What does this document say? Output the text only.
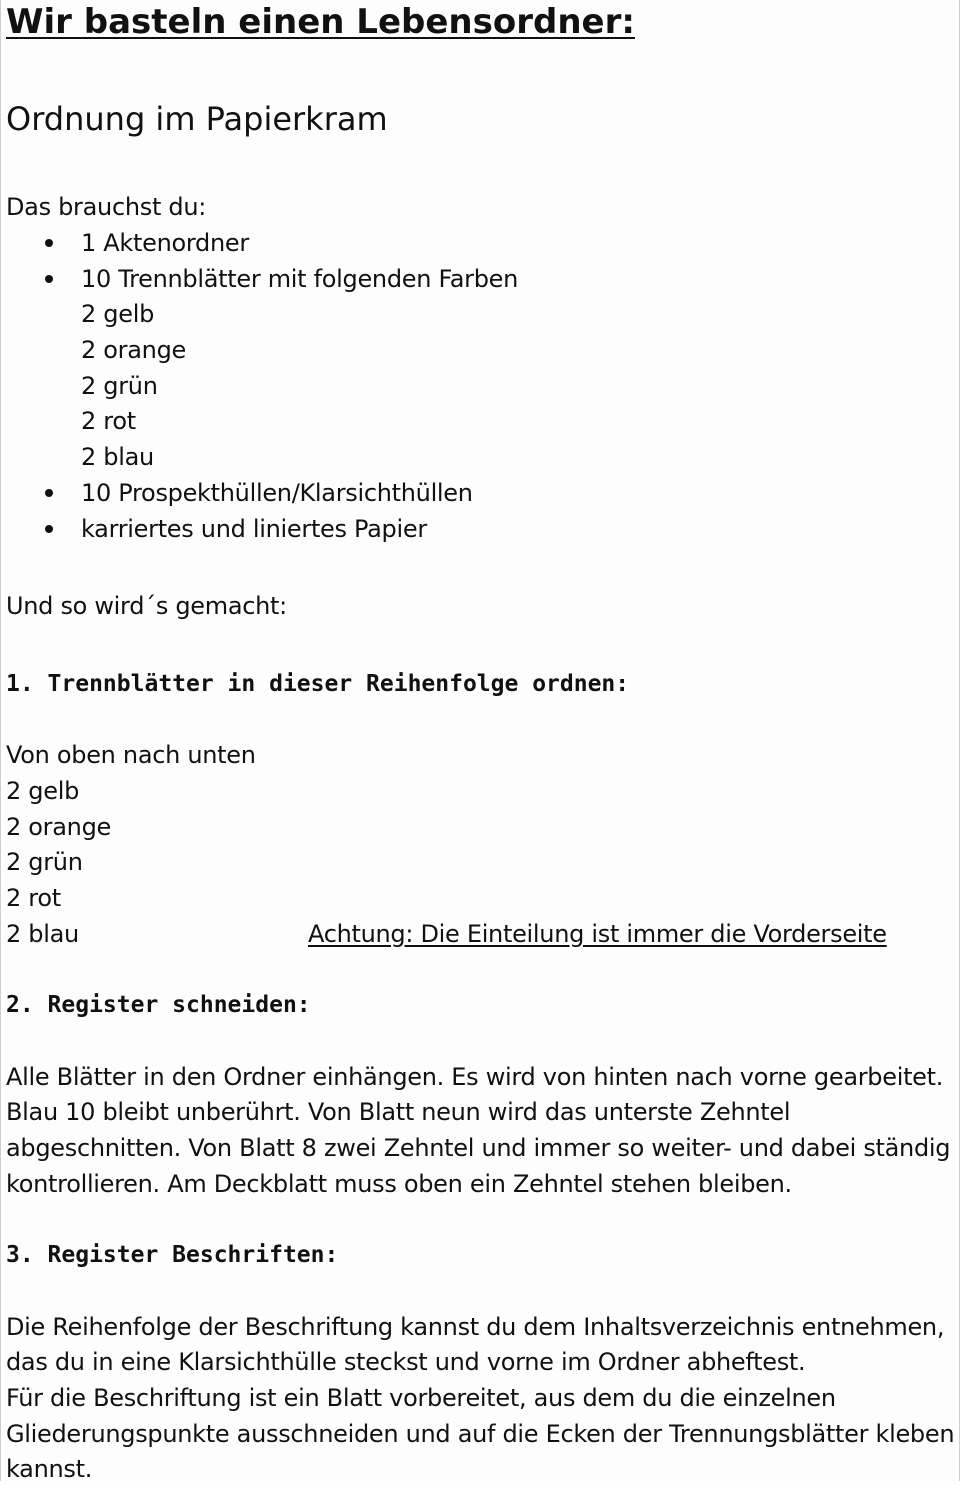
Wir basteln einen Lebensordner:
Ordnung im Papierkram
Das brauchst du:
1 Aktenordner
10 Trennblätter mit folgenden Farben
2 gelb
2 orange
2 grün
2 rot
2 blau
10 Prospekthüllen/Klarsichthüllen
karriertes und liniertes Papier
Und so wird´s gemacht:
1. Trennblätter in dieser Reihenfolge ordnen:
Von oben nach unten
2 gelb
2 orange
2 grün
2 rot
2 blau	Achtung: Die Einteilung ist immer die Vorderseite
2. Register schneiden:
Alle Blätter in den Ordner einhängen. Es wird von hinten nach vorne gearbeitet.
Blau 10 bleibt unberührt. Von Blatt neun wird das unterste Zehntel
abgeschnitten. Von Blatt 8 zwei Zehntel und immer so weiter- und dabei ständig
kontrollieren. Am Deckblatt muss oben ein Zehntel stehen bleiben.
3. Register Beschriften:
Die Reihenfolge der Beschriftung kannst du dem Inhaltsverzeichnis entnehmen,
das du in eine Klarsichthülle steckst und vorne im Ordner abheftest.
Für die Beschriftung ist ein Blatt vorbereitet, aus dem du die einzelnen
Gliederungspunkte ausschneiden und auf die Ecken der Trennungsblätter kleben
kannst.
